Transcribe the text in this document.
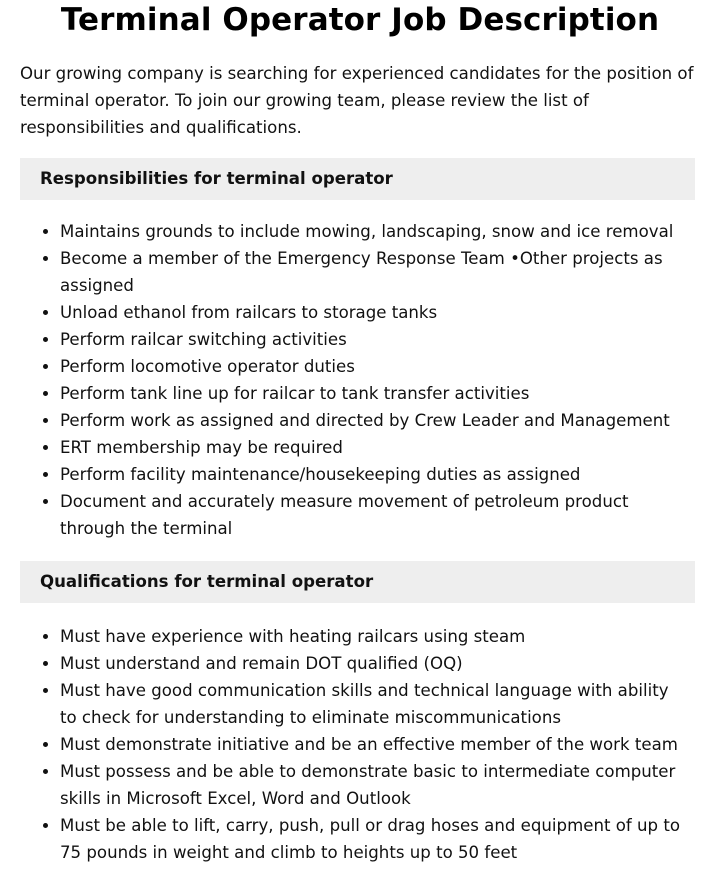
Terminal Operator Job Description

Our growing company is searching for experienced candidates for the position of terminal operator. To join our growing team, please review the list of responsibilities and qualifications.

Responsibilities for terminal operator
• Maintains grounds to include mowing, landscaping, snow and ice removal
• Become a member of the Emergency Response Team •Other projects as assigned
• Unload ethanol from railcars to storage tanks
• Perform railcar switching activities
• Perform locomotive operator duties
• Perform tank line up for railcar to tank transfer activities
• Perform work as assigned and directed by Crew Leader and Management
• ERT membership may be required
• Perform facility maintenance/housekeeping duties as assigned
• Document and accurately measure movement of petroleum product through the terminal
Qualifications for terminal operator
• Must have experience with heating railcars using steam
• Must understand and remain DOT qualified (OQ)
• Must have good communication skills and technical language with ability to check for understanding to eliminate miscommunications
• Must demonstrate initiative and be an effective member of the work team
• Must possess and be able to demonstrate basic to intermediate computer skills in Microsoft Excel, Word and Outlook
• Must be able to lift, carry, push, pull or drag hoses and equipment of up to 75 pounds in weight and climb to heights up to 50 feet
